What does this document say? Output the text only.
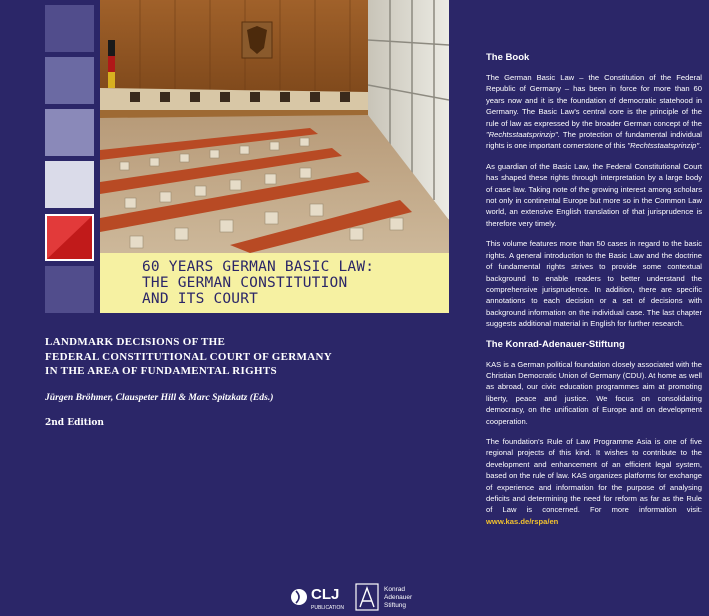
60 YEARS GERMAN BASIC LAW:
THE GERMAN CONSTITUTION
AND ITS COURT
LANDMARK DECISIONS OF THE
FEDERAL CONSTITUTIONAL COURT OF GERMANY
IN THE AREA OF FUNDAMENTAL RIGHTS
Jürgen Bröhmer, Clauspeter Hill & Marc Spitzkatz (Eds.)
2nd Edition
CLJ
PUBLICATION
Konrad
Adenauer
Stiftung
The Book
The German Basic Law – the Constitution of the Federal Republic of Germany – has been in force for more than 60 years now and it is the foundation of democratic statehood in Germany. The Basic Law's central core is the principle of the rule of law as expressed by the broader German concept of the "Rechtsstaatsprinzip". The protection of fundamental individual rights is one important cornerstone of this "Rechtsstaatsprinzip".
As guardian of the Basic Law, the Federal Constitutional Court has shaped these rights through interpretation by a large body of case law. Taking note of the growing interest among scholars not only in continental Europe but more so in the Common Law world, an extensive English translation of that jurisprudence is therefore very timely.
This volume features more than 50 cases in regard to the basic rights. A general introduction to the Basic Law and the doctrine of fundamental rights strives to provide some contextual background to enable readers to better understand the comprehensive jurisprudence. In addition, there are specific annotations to each decision or a set of decisions with background information on the individual case. The last chapter suggests additional material in English for further research.
The Konrad-Adenauer-Stiftung
KAS is a German political foundation closely associated with the Christian Democratic Union of Germany (CDU). At home as well as abroad, our civic education programmes aim at promoting liberty, peace and justice. We focus on consolidating democracy, on the unification of Europe and on development cooperation.
The foundation's Rule of Law Programme Asia is one of five regional projects of this kind. It wishes to contribute to the development and enhancement of an efficient legal system, based on the rule of law. KAS organizes platforms for exchange of experience and information for the purpose of analysing deficits and determining the need for reform as far as the Rule of Law is concerned. For more information visit: www.kas.de/rspa/en
